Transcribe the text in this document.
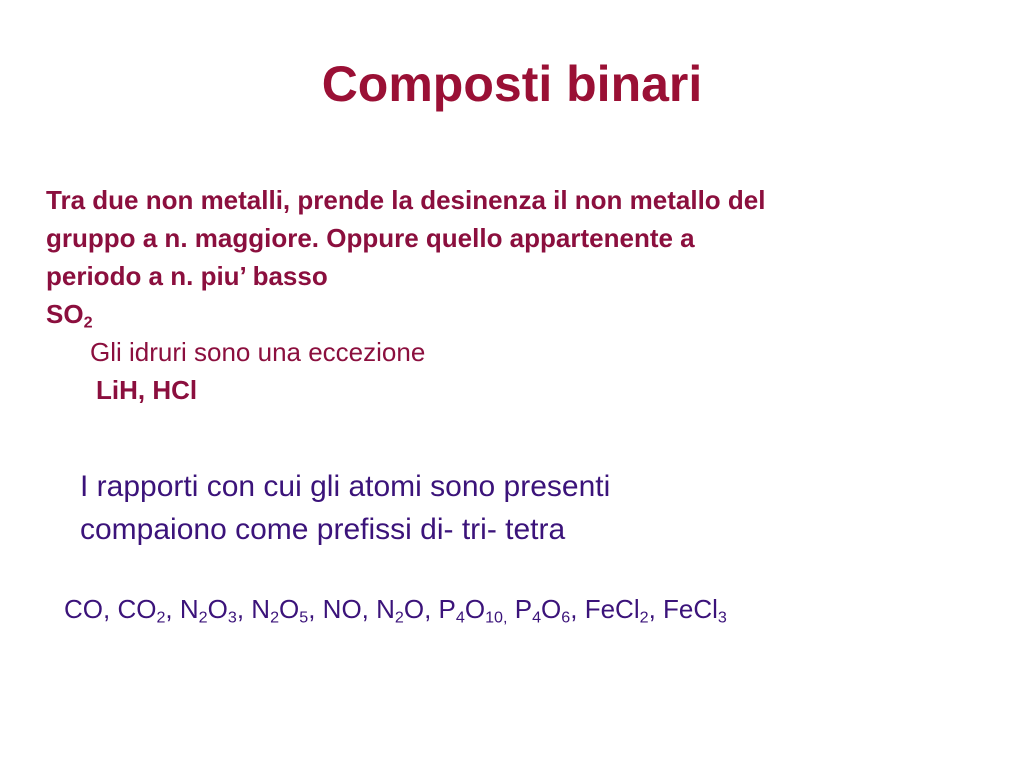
Composti binari
Tra due non metalli, prende la desinenza il non metallo del
gruppo a n. maggiore. Oppure quello appartenente a
periodo a n. piu’ basso
$SO_2$
Gli idruri sono una eccezione
LiH, HCl
I rapporti con cui gli atomi sono presenti
compaiono come prefissi di- tri- tetra
CO, $CO_2$, $N_2O_3$, $N_2O_5$, NO, $N_2O$, $P_4O_{10,}$ $P_4O_6$, FeCl$_2$, FeCl$_3$
